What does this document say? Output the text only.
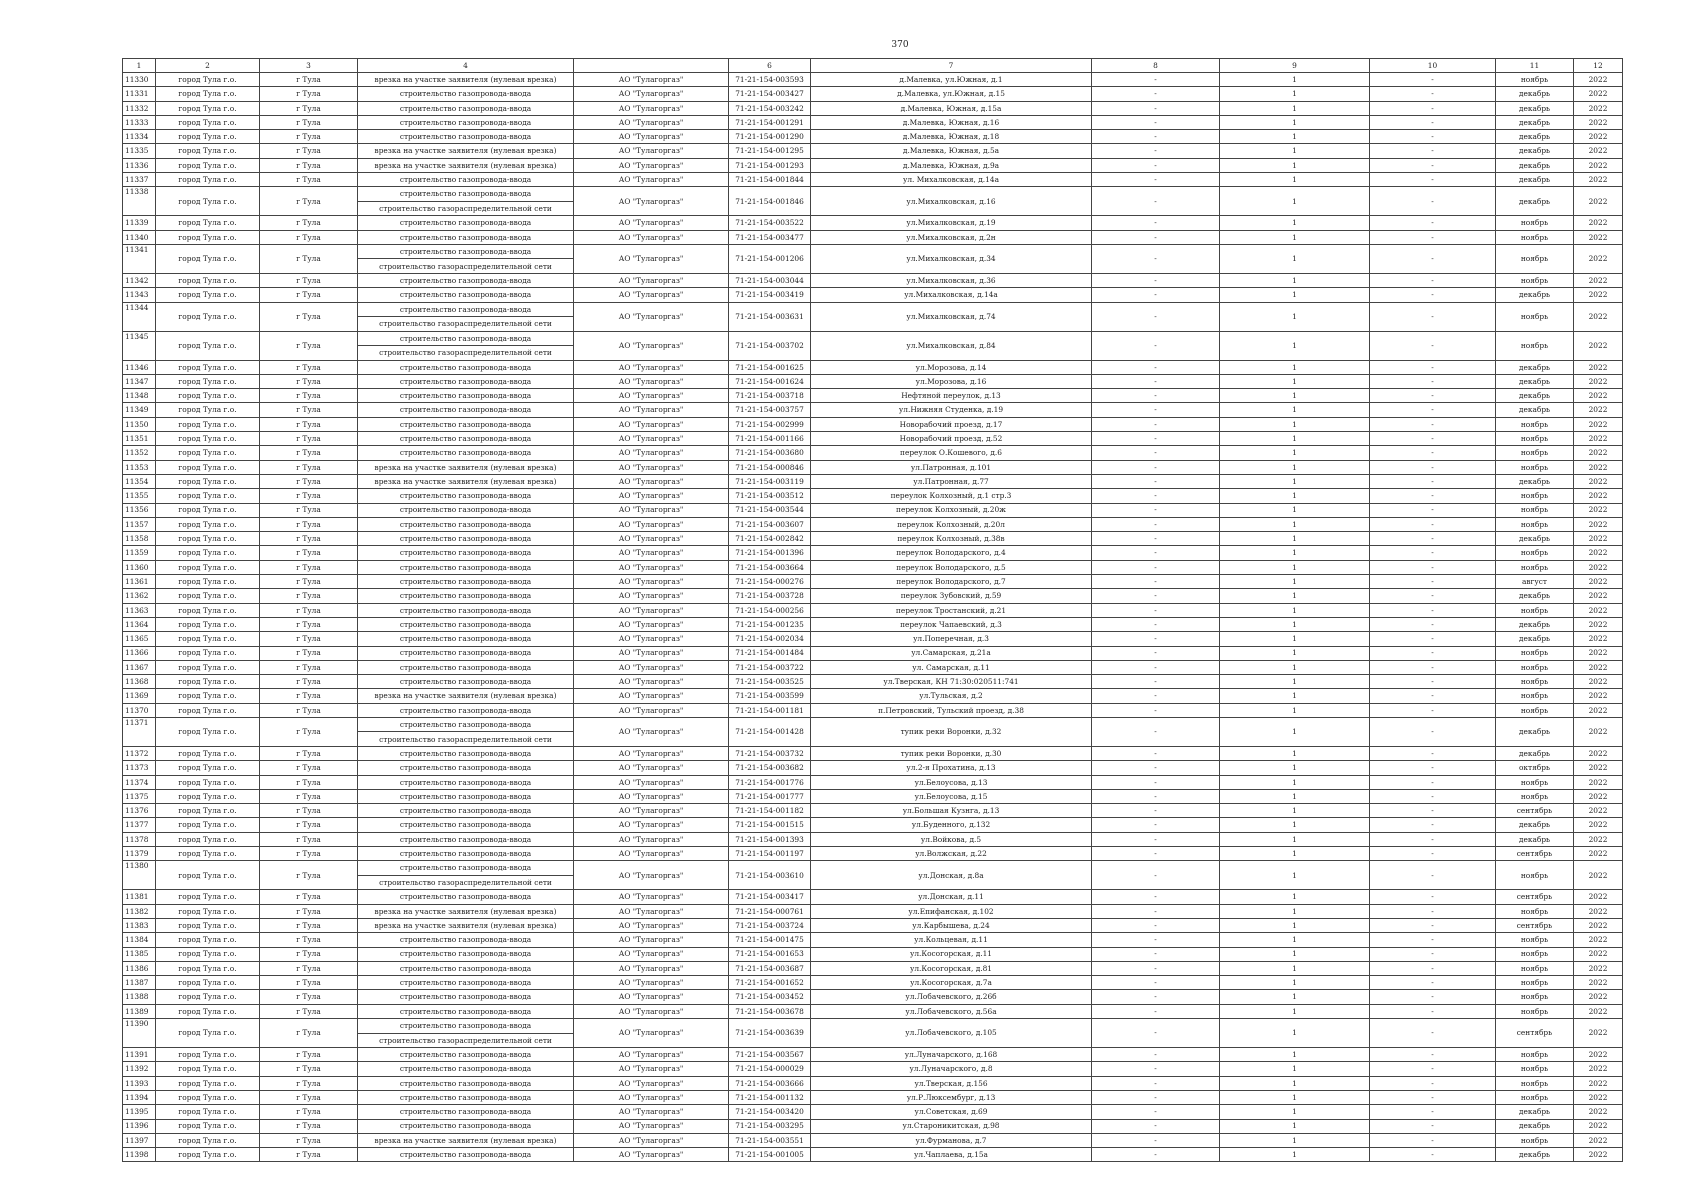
370
1	2	3	4		6	7	8	9	10	11	12
11330	город Тула г.о.	г Тула	врезка на участке заявителя (нулевая врезка)	АО "Тулагоргаз"	71-21-154-003593	д.Малевка, ул.Южная, д.1	-	1	-	ноябрь	2022
11331	город Тула г.о.	г Тула	строительство газопровода-ввода	АО "Тулагоргаз"	71-21-154-003427	д.Малевка, ул.Южная, д.15	-	1	-	декабрь	2022
11332	город Тула г.о.	г Тула	строительство газопровода-ввода	АО "Тулагоргаз"	71-21-154-003242	д.Малевка, Южная, д.15а	-	1	-	декабрь	2022
11333	город Тула г.о.	г Тула	строительство газопровода-ввода	АО "Тулагоргаз"	71-21-154-001291	д.Малевка, Южная, д.16	-	1	-	декабрь	2022
11334	город Тула г.о.	г Тула	строительство газопровода-ввода	АО "Тулагоргаз"	71-21-154-001290	д.Малевка, Южная, д.18	-	1	-	декабрь	2022
11335	город Тула г.о.	г Тула	врезка на участке заявителя (нулевая врезка)	АО "Тулагоргаз"	71-21-154-001295	д.Малевка, Южная, д.5а	-	1	-	декабрь	2022
11336	город Тула г.о.	г Тула	врезка на участке заявителя (нулевая врезка)	АО "Тулагоргаз"	71-21-154-001293	д.Малевка, Южная, д.9а	-	1	-	декабрь	2022
11337	город Тула г.о.	г Тула	строительство газопровода-ввода	АО "Тулагоргаз"	71-21-154-001844	ул. Михалковская, д.14а	-	1	-	декабрь	2022
11338	город Тула г.о.	г Тула	строительство газопровода-ввода
строительство газораспределительной сети	АО "Тулагоргаз"	71-21-154-001846	ул.Михалковская, д.16	-	1	-	декабрь	2022
11339	город Тула г.о.	г Тула	строительство газопровода-ввода	АО "Тулагоргаз"	71-21-154-003522	ул.Михалковская, д.19	-	1	-	ноябрь	2022
11340	город Тула г.о.	г Тула	строительство газопровода-ввода	АО "Тулагоргаз"	71-21-154-003477	ул.Михалковская, д.2н	-	1	-	ноябрь	2022
11341	город Тула г.о.	г Тула	строительство газопровода-ввода
строительство газораспределительной сети	АО "Тулагоргаз"	71-21-154-001206	ул.Михалковская, д.34	-	1	-	ноябрь	2022
11342	город Тула г.о.	г Тула	строительство газопровода-ввода	АО "Тулагоргаз"	71-21-154-003044	ул.Михалковская, д.36	-	1	-	ноябрь	2022
11343	город Тула г.о.	г Тула	строительство газопровода-ввода	АО "Тулагоргаз"	71-21-154-003419	ул.Михалковская, д.14а	-	1	-	декабрь	2022
11344	город Тула г.о.	г Тула	строительство газопровода-ввода
строительство газораспределительной сети	АО "Тулагоргаз"	71-21-154-003631	ул.Михалковская, д.74	-	1	-	ноябрь	2022
11345	город Тула г.о.	г Тула	строительство газопровода-ввода
строительство газораспределительной сети	АО "Тулагоргаз"	71-21-154-003702	ул.Михалковская, д.84	-	1	-	ноябрь	2022
11346	город Тула г.о.	г Тула	строительство газопровода-ввода	АО "Тулагоргаз"	71-21-154-001625	ул.Морозова, д.14	-	1	-	декабрь	2022
11347	город Тула г.о.	г Тула	строительство газопровода-ввода	АО "Тулагоргаз"	71-21-154-001624	ул.Морозова, д.16	-	1	-	декабрь	2022
11348	город Тула г.о.	г Тула	строительство газопровода-ввода	АО "Тулагоргаз"	71-21-154-003718	Нефтяной переулок, д.13	-	1	-	декабрь	2022
11349	город Тула г.о.	г Тула	строительство газопровода-ввода	АО "Тулагоргаз"	71-21-154-003757	ул.Нижняя Студенка, д.19	-	1	-	декабрь	2022
11350	город Тула г.о.	г Тула	строительство газопровода-ввода	АО "Тулагоргаз"	71-21-154-002999	Новорабочий проезд, д.17	-	1	-	ноябрь	2022
11351	город Тула г.о.	г Тула	строительство газопровода-ввода	АО "Тулагоргаз"	71-21-154-001166	Новорабочий проезд, д.52	-	1	-	ноябрь	2022
11352	город Тула г.о.	г Тула	строительство газопровода-ввода	АО "Тулагоргаз"	71-21-154-003680	переулок О.Кошевого, д.6	-	1	-	ноябрь	2022
11353	город Тула г.о.	г Тула	врезка на участке заявителя (нулевая врезка)	АО "Тулагоргаз"	71-21-154-000846	ул.Патронная, д.101	-	1	-	ноябрь	2022
11354	город Тула г.о.	г Тула	врезка на участке заявителя (нулевая врезка)	АО "Тулагоргаз"	71-21-154-003119	ул.Патронная, д.77	-	1	-	декабрь	2022
11355	город Тула г.о.	г Тула	строительство газопровода-ввода	АО "Тулагоргаз"	71-21-154-003512	переулок Колхозный, д.1 стр.3	-	1	-	ноябрь	2022
11356	город Тула г.о.	г Тула	строительство газопровода-ввода	АО "Тулагоргаз"	71-21-154-003544	переулок Колхозный, д.20ж	-	1	-	ноябрь	2022
11357	город Тула г.о.	г Тула	строительство газопровода-ввода	АО "Тулагоргаз"	71-21-154-003607	переулок Колхозный, д.20л	-	1	-	ноябрь	2022
11358	город Тула г.о.	г Тула	строительство газопровода-ввода	АО "Тулагоргаз"	71-21-154-002842	переулок Колхозный, д.38в	-	1	-	декабрь	2022
11359	город Тула г.о.	г Тула	строительство газопровода-ввода	АО "Тулагоргаз"	71-21-154-001396	переулок Володарского, д.4	-	1	-	ноябрь	2022
11360	город Тула г.о.	г Тула	строительство газопровода-ввода	АО "Тулагоргаз"	71-21-154-003664	переулок Володарского, д.5	-	1	-	ноябрь	2022
11361	город Тула г.о.	г Тула	строительство газопровода-ввода	АО "Тулагоргаз"	71-21-154-000276	переулок Володарского, д.7	-	1	-	август	2022
11362	город Тула г.о.	г Тула	строительство газопровода-ввода	АО "Тулагоргаз"	71-21-154-003728	переулок Зубовский, д.59	-	1	-	декабрь	2022
11363	город Тула г.о.	г Тула	строительство газопровода-ввода	АО "Тулагоргаз"	71-21-154-000256	переулок Тростанский, д.21	-	1	-	ноябрь	2022
11364	город Тула г.о.	г Тула	строительство газопровода-ввода	АО "Тулагоргаз"	71-21-154-001235	переулок Чапаевский, д.3	-	1	-	декабрь	2022
11365	город Тула г.о.	г Тула	строительство газопровода-ввода	АО "Тулагоргаз"	71-21-154-002034	ул.Поперечная, д.3	-	1	-	декабрь	2022
11366	город Тула г.о.	г Тула	строительство газопровода-ввода	АО "Тулагоргаз"	71-21-154-001484	ул.Самарская, д.21а	-	1	-	ноябрь	2022
11367	город Тула г.о.	г Тула	строительство газопровода-ввода	АО "Тулагоргаз"	71-21-154-003722	ул. Самарская, д.11	-	1	-	ноябрь	2022
11368	город Тула г.о.	г Тула	строительство газопровода-ввода	АО "Тулагоргаз"	71-21-154-003525	ул.Тверская, КН 71:30:020511:741	-	1	-	ноябрь	2022
11369	город Тула г.о.	г Тула	врезка на участке заявителя (нулевая врезка)	АО "Тулагоргаз"	71-21-154-003599	ул.Тульская, д.2	-	1	-	ноябрь	2022
11370	город Тула г.о.	г Тула	строительство газопровода-ввода	АО "Тулагоргаз"	71-21-154-001181	п.Петровский, Тульский проезд, д.38	-	1	-	ноябрь	2022
11371	город Тула г.о.	г Тула	строительство газопровода-ввода
строительство газораспределительной сети	АО "Тулагоргаз"	71-21-154-001428	тупик реки Воронки, д.32	-	1	-	декабрь	2022
11372	город Тула г.о.	г Тула	строительство газопровода-ввода	АО "Тулагоргаз"	71-21-154-003732	тупик реки Воронки, д.30	-	1	-	декабрь	2022
11373	город Тула г.о.	г Тула	строительство газопровода-ввода	АО "Тулагоргаз"	71-21-154-003682	ул.2-я Прохатина, д.13	-	1	-	октябрь	2022
11374	город Тула г.о.	г Тула	строительство газопровода-ввода	АО "Тулагоргаз"	71-21-154-001776	ул.Белоусова, д.13	-	1	-	ноябрь	2022
11375	город Тула г.о.	г Тула	строительство газопровода-ввода	АО "Тулагоргаз"	71-21-154-001777	ул.Белоусова, д.15	-	1	-	ноябрь	2022
11376	город Тула г.о.	г Тула	строительство газопровода-ввода	АО "Тулагоргаз"	71-21-154-001182	ул.Большая Кузнга, д.13	-	1	-	сентябрь	2022
11377	город Тула г.о.	г Тула	строительство газопровода-ввода	АО "Тулагоргаз"	71-21-154-001515	ул.Буденного, д.132	-	1	-	декабрь	2022
11378	город Тула г.о.	г Тула	строительство газопровода-ввода	АО "Тулагоргаз"	71-21-154-001393	ул.Войкова, д.5	-	1	-	декабрь	2022
11379	город Тула г.о.	г Тула	строительство газопровода-ввода	АО "Тулагоргаз"	71-21-154-001197	ул.Волжская, д.22	-	1	-	сентябрь	2022
11380	город Тула г.о.	г Тула	строительство газопровода-ввода
строительство газораспределительной сети	АО "Тулагоргаз"	71-21-154-003610	ул.Донская, д.8а	-	1	-	ноябрь	2022
11381	город Тула г.о.	г Тула	строительство газопровода-ввода	АО "Тулагоргаз"	71-21-154-003417	ул.Донская, д.11	-	1	-	сентябрь	2022
11382	город Тула г.о.	г Тула	врезка на участке заявителя (нулевая врезка)	АО "Тулагоргаз"	71-21-154-000761	ул.Епифанская, д.102	-	1	-	ноябрь	2022
11383	город Тула г.о.	г Тула	врезка на участке заявителя (нулевая врезка)	АО "Тулагоргаз"	71-21-154-003724	ул.Карбышева, д.24	-	1	-	сентябрь	2022
11384	город Тула г.о.	г Тула	строительство газопровода-ввода	АО "Тулагоргаз"	71-21-154-001475	ул.Кольцевая, д.11	-	1	-	ноябрь	2022
11385	город Тула г.о.	г Тула	строительство газопровода-ввода	АО "Тулагоргаз"	71-21-154-001653	ул.Косогорская, д.11	-	1	-	ноябрь	2022
11386	город Тула г.о.	г Тула	строительство газопровода-ввода	АО "Тулагоргаз"	71-21-154-003687	ул.Косогорская, д.81	-	1	-	ноябрь	2022
11387	город Тула г.о.	г Тула	строительство газопровода-ввода	АО "Тулагоргаз"	71-21-154-001652	ул.Косогорская, д.7а	-	1	-	ноябрь	2022
11388	город Тула г.о.	г Тула	строительство газопровода-ввода	АО "Тулагоргаз"	71-21-154-003452	ул.Лобачевского, д.26б	-	1	-	ноябрь	2022
11389	город Тула г.о.	г Тула	строительство газопровода-ввода	АО "Тулагоргаз"	71-21-154-003678	ул.Лобачевского, д.56а	-	1	-	ноябрь	2022
11390	город Тула г.о.	г Тула	строительство газопровода-ввода
строительство газораспределительной сети	АО "Тулагоргаз"	71-21-154-003639	ул.Лобачевского, д.105	-	1	-	сентябрь	2022
11391	город Тула г.о.	г Тула	строительство газопровода-ввода	АО "Тулагоргаз"	71-21-154-003567	ул.Луначарского, д.168	-	1	-	ноябрь	2022
11392	город Тула г.о.	г Тула	строительство газопровода-ввода	АО "Тулагоргаз"	71-21-154-000029	ул.Луначарского, д.8	-	1	-	ноябрь	2022
11393	город Тула г.о.	г Тула	строительство газопровода-ввода	АО "Тулагоргаз"	71-21-154-003666	ул.Тверская, д.156	-	1	-	ноябрь	2022
11394	город Тула г.о.	г Тула	строительство газопровода-ввода	АО "Тулагоргаз"	71-21-154-001132	ул.Р.Люксембург, д.13	-	1	-	ноябрь	2022
11395	город Тула г.о.	г Тула	строительство газопровода-ввода	АО "Тулагоргаз"	71-21-154-003420	ул.Советская, д.69	-	1	-	декабрь	2022
11396	город Тула г.о.	г Тула	строительство газопровода-ввода	АО "Тулагоргаз"	71-21-154-003295	ул.Староникитская, д.98	-	1	-	декабрь	2022
11397	город Тула г.о.	г Тула	врезка на участке заявителя (нулевая врезка)	АО "Тулагоргаз"	71-21-154-003551	ул.Фурманова, д.7	-	1	-	ноябрь	2022
11398	город Тула г.о.	г Тула	строительство газопровода-ввода	АО "Тулагоргаз"	71-21-154-001005	ул.Чаплаева, д.15а	-	1	-	декабрь	2022
